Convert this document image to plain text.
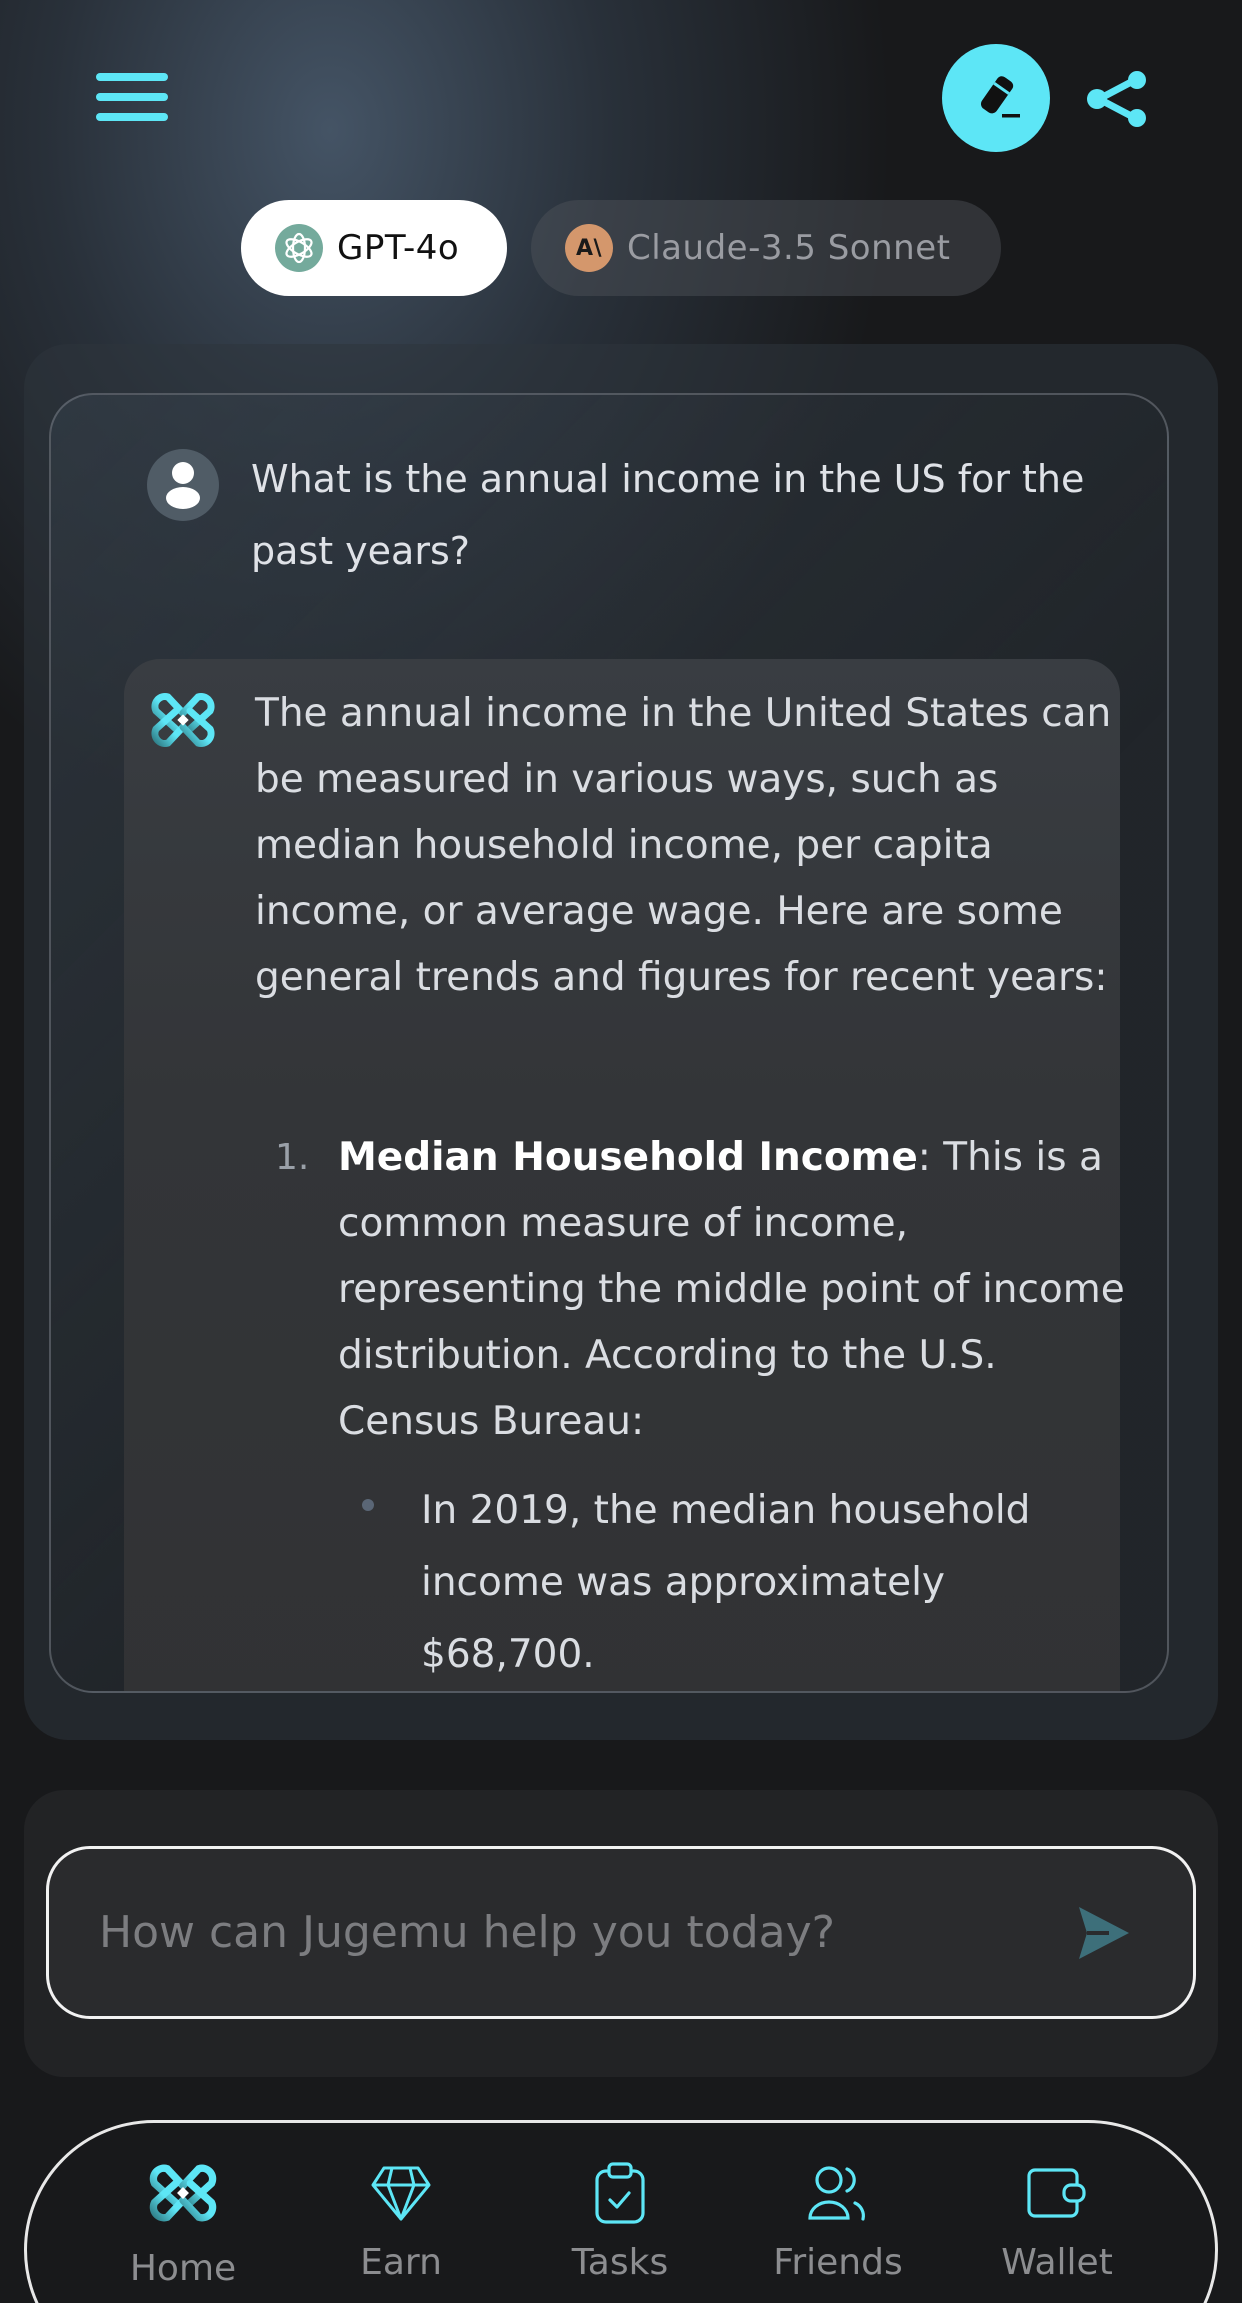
GPT-4o	A\ Claude-3.5 Sonnet
What is the annual income in the US for the past years?
The annual income in the United States can be measured in various ways, such as median household income, per capita income, or average wage. Here are some general trends and figures for recent years:
1. Median Household Income: This is a common measure of income, representing the middle point of income distribution. According to the U.S. Census Bureau:
In 2019, the median household income was approximately $68,700.
How can Jugemu help you today?
Home	Earn	Tasks	Friends	Wallet
